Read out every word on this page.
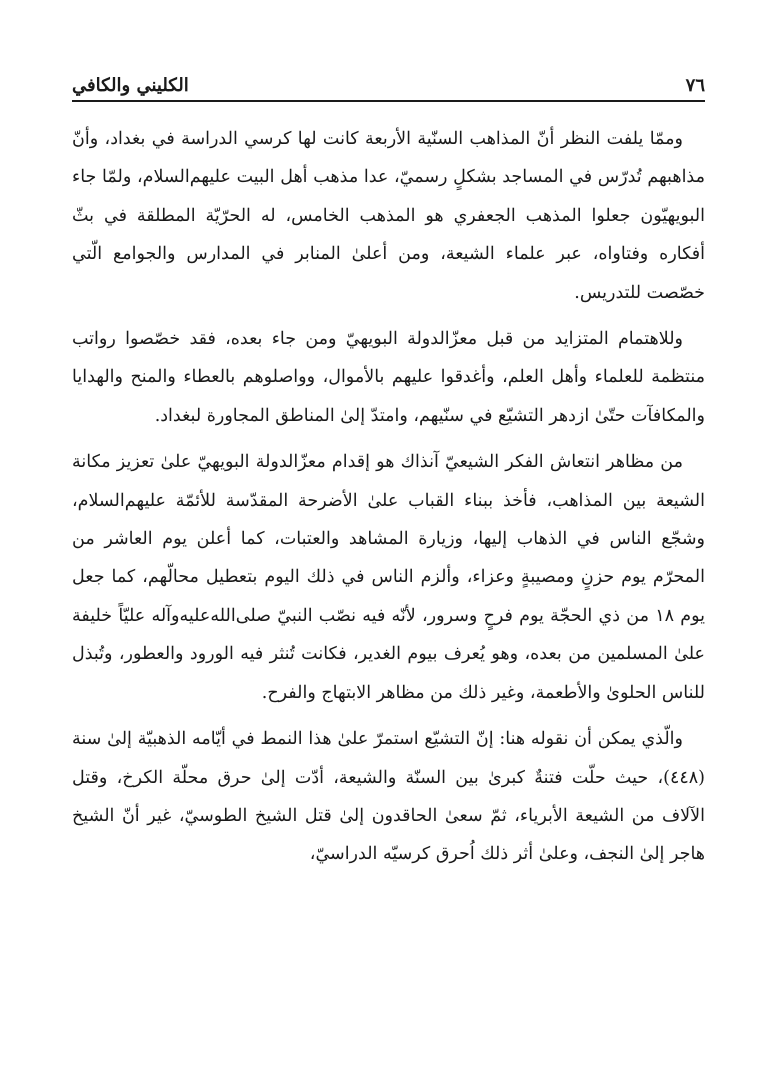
٧٦
الكليني والكافي

وممّا يلفت النظر أنّ المذاهب السنّية الأربعة كانت لها كرسي الدراسة في بغداد، وأنّ مذاهبهم تُدرّس في المساجد بشكلٍ رسميّ، عدا مذهب أهل البيت عليهم‌السلام، ولمّا جاء البويهيّون جعلوا المذهب الجعفري هو المذهب الخامس، له الحرّيّة المطلقة في بثّ أفكاره وفتاواه، عبر علماء الشيعة، ومن أعلىٰ المنابر في المدارس والجوامع الّتي خصّصت للتدريس.

وللاهتمام المتزايد من قبل معزّالدولة البويهيّ ومن جاء بعده، فقد خصّصوا رواتب منتظمة للعلماء وأهل العلم، وأغدقوا عليهم بالأموال، وواصلوهم بالعطاء والمنح والهدايا والمكافآت حتّىٰ ازدهر التشيّع في سنّيهم، وامتدّ إلىٰ المناطق المجاورة لبغداد.

من مظاهر انتعاش الفكر الشيعيّ آنذاك هو إقدام معزّالدولة البويهيّ علىٰ تعزيز مكانة الشيعة بين المذاهب، فأخذ ببناء القباب علىٰ الأضرحة المقدّسة للأئمّة عليهم‌السلام، وشجّع الناس في الذهاب إليها، وزيارة المشاهد والعتبات، كما أعلن يوم العاشر من المحرّم يوم حزنٍ ومصيبةٍ وعزاء، وألزم الناس في ذلك اليوم بتعطيل محالّهم، كما جعل يوم ١٨ من ذي الحجّة يوم فرحٍ وسرور، لأنّه فيه نصّب النبيّ صلى‌الله‌عليه‌وآله عليّاً خليفة علىٰ المسلمين من بعده، وهو يُعرف بيوم الغدير، فكانت تُنثر فيه الورود والعطور، وتُبذل للناس الحلوىٰ والأطعمة، وغير ذلك من مظاهر الابتهاج والفرح.

والّذي يمكن أن نقوله هنا: إنّ التشيّع استمرّ علىٰ هذا النمط في أيّامه الذهبيّة إلىٰ سنة (٤٤٨)، حيث حلّت فتنةٌ كبرىٰ بين السنّة والشيعة، أدّت إلىٰ حرق محلّة الكرخ، وقتل الآلاف من الشيعة الأبرياء، ثمّ سعىٰ الحاقدون إلىٰ قتل الشيخ الطوسيّ، غير أنّ الشيخ هاجر إلىٰ النجف، وعلىٰ أثر ذلك اُحرق كرسيّه الدراسيّ،
